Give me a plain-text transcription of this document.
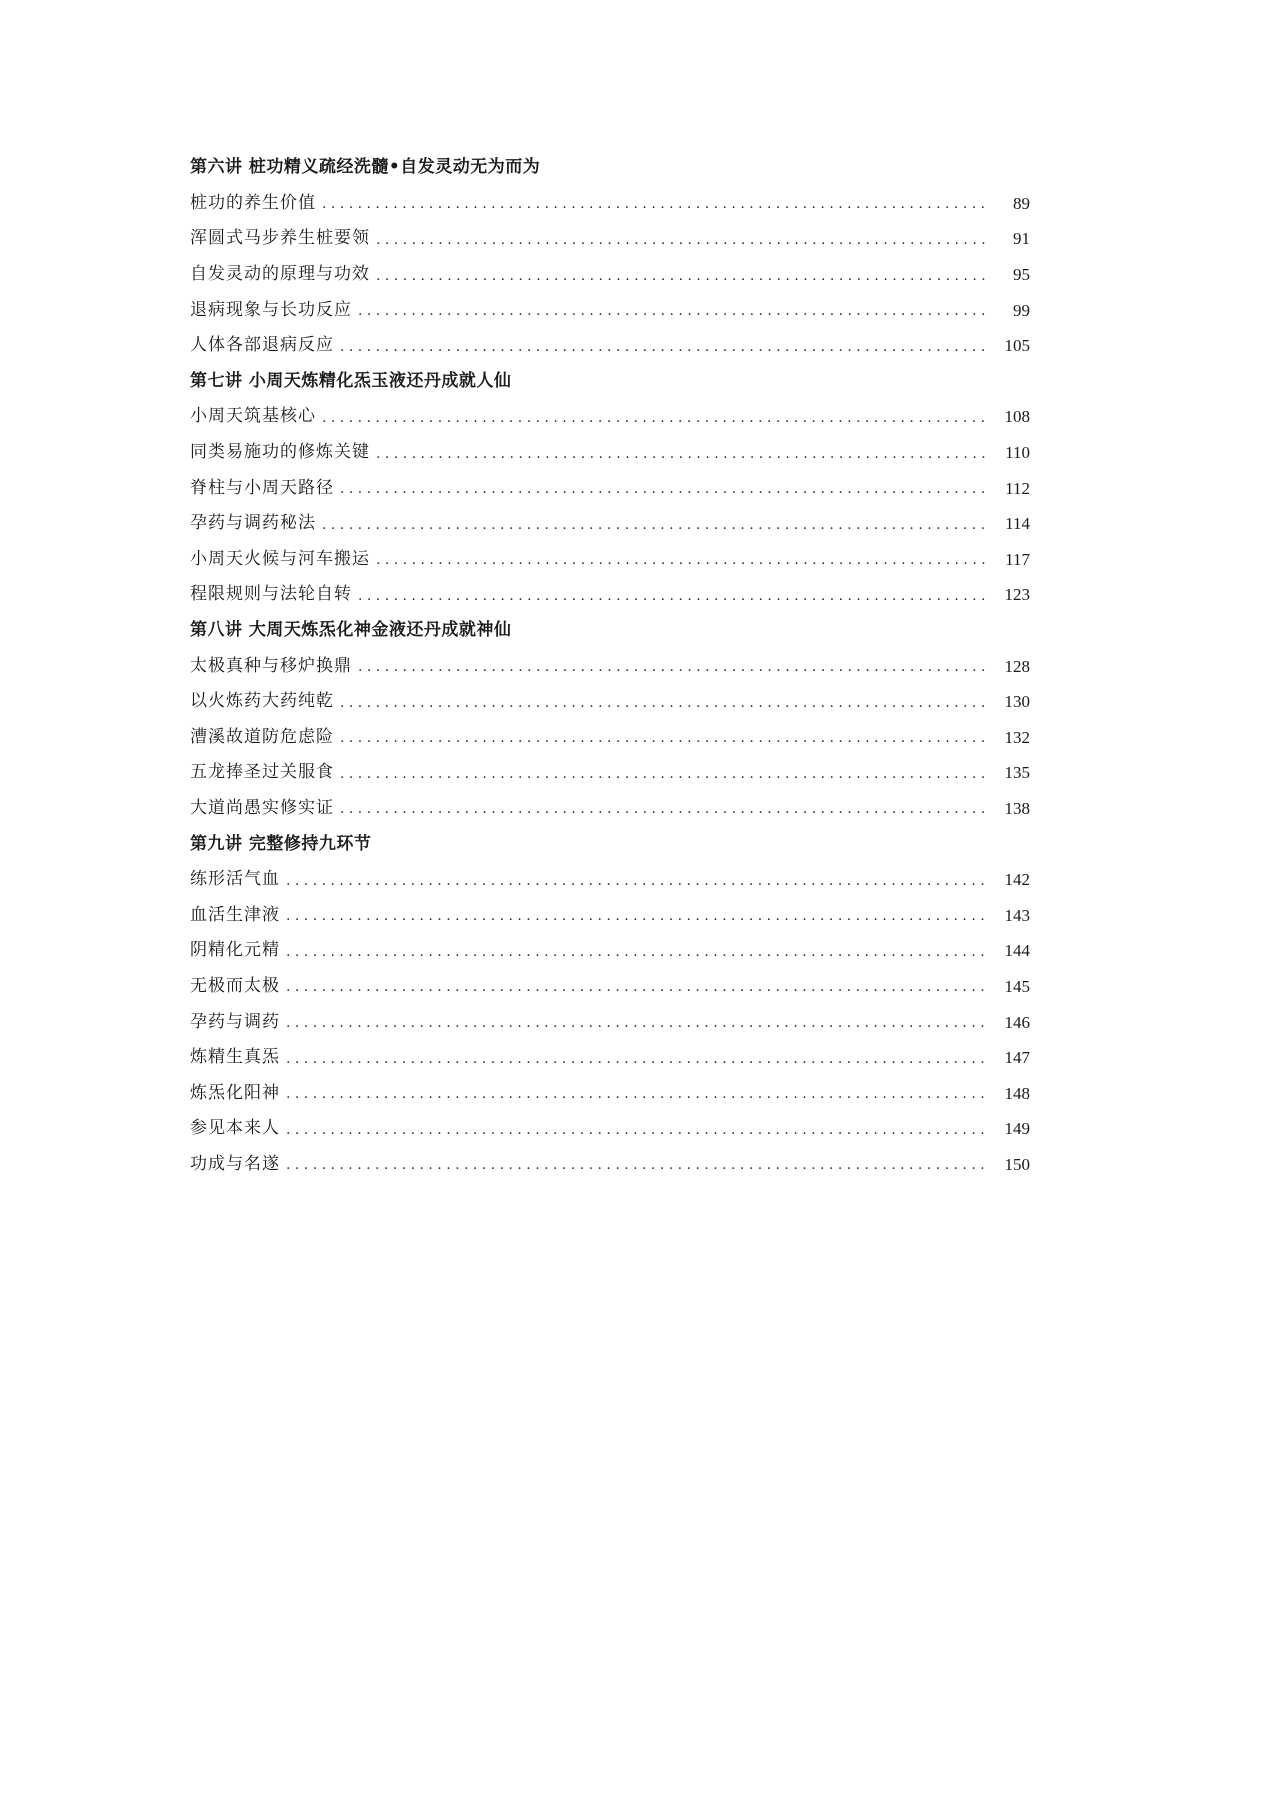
第六讲 桩功精义疏经洗髓•自发灵动无为而为
桩功的养生价值 . . .	89
浑圆式马步养生桩要领 . . .	91
自发灵动的原理与功效 . . .	95
退病现象与长功反应 . . .	99
人体各部退病反应 . . .	105
第七讲 小周天炼精化炁玉液还丹成就人仙
小周天筑基核心 . . .	108
同类易施功的修炼关键 . . .	110
脊柱与小周天路径 . . .	112
孕药与调药秘法 . . .	114
小周天火候与河车搬运 . . .	117
程限规则与法轮自转 . . .	123
第八讲 大周天炼炁化神金液还丹成就神仙
太极真种与移炉换鼎 . . .	128
以火炼药大药纯乾 . . .	130
漕溪故道防危虑险 . . .	132
五龙捧圣过关服食 . . .	135
大道尚愚实修实证 . . .	138
第九讲 完整修持九环节
练形活气血 . . .	142
血活生津液 . . .	143
阴精化元精 . . .	144
无极而太极 . . .	145
孕药与调药 . . .	146
炼精生真炁 . . .	147
炼炁化阳神 . . .	148
参见本来人 . . .	149
功成与名遂 . . .	150
